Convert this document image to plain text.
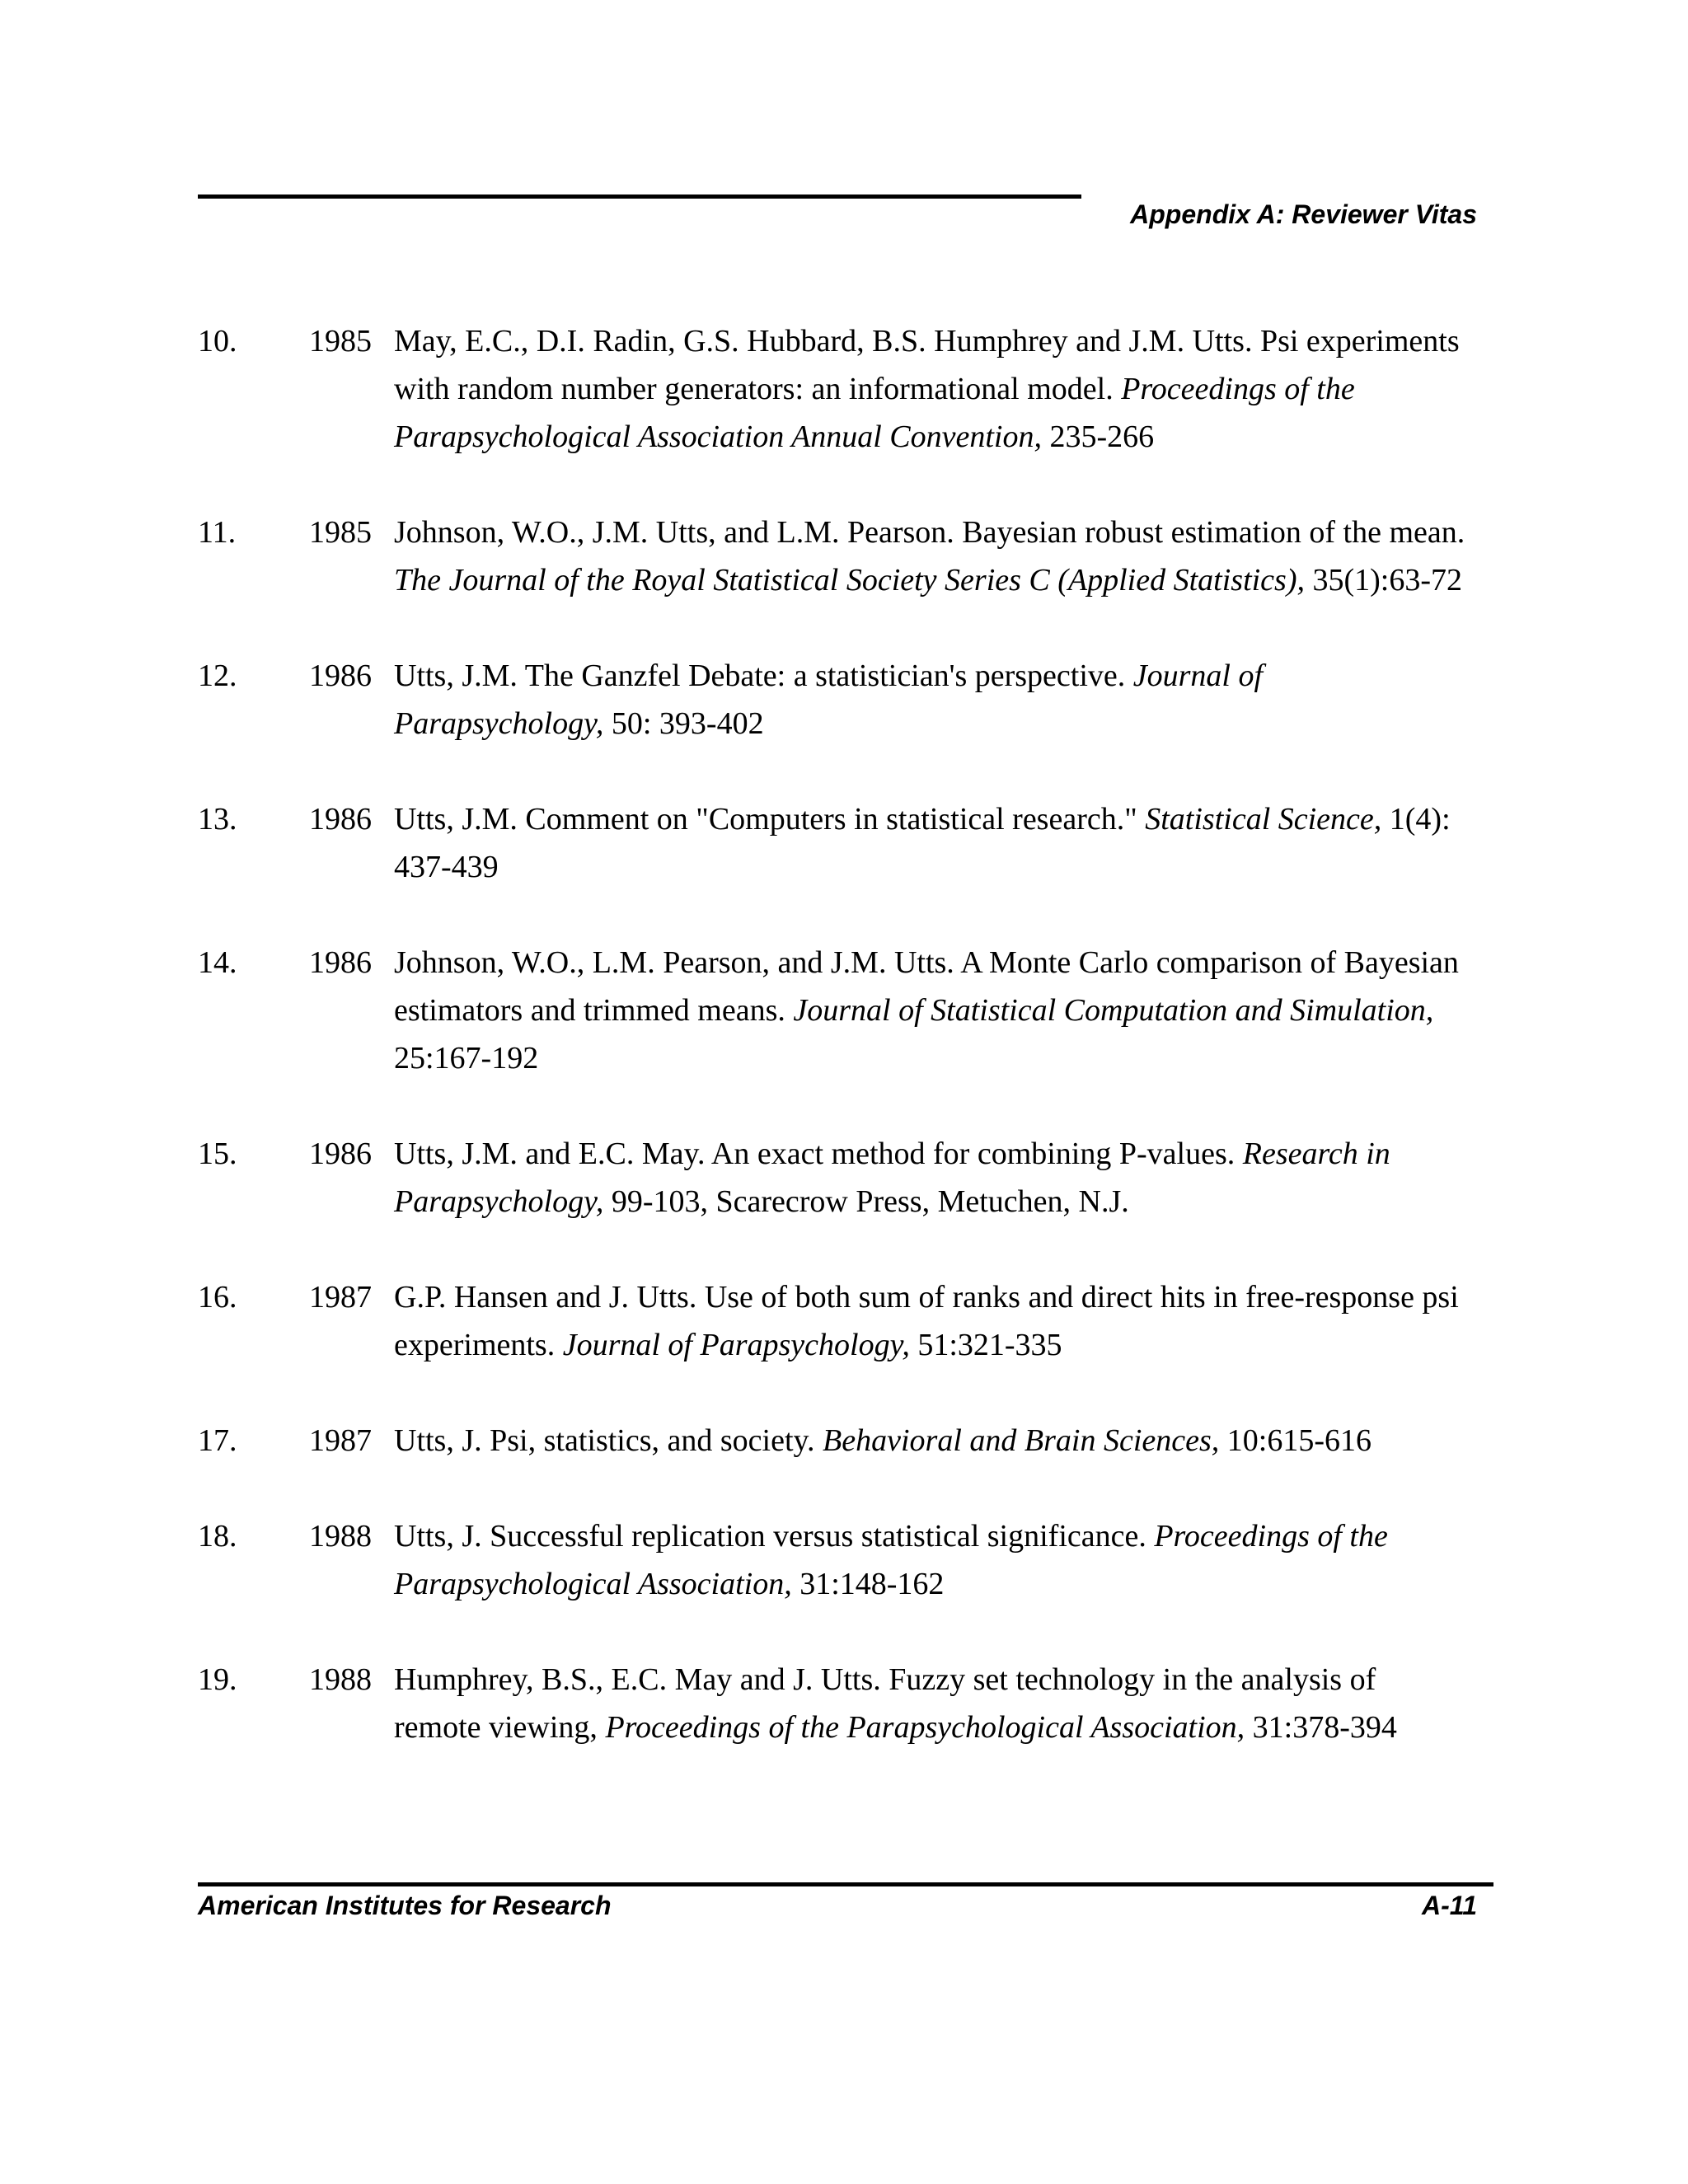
Appendix A: Reviewer Vitas
10. 1985 May, E.C., D.I. Radin, G.S. Hubbard, B.S. Humphrey and J.M. Utts. Psi experiments with random number generators: an informational model. Proceedings of the Parapsychological Association Annual Convention, 235-266
11. 1985 Johnson, W.O., J.M. Utts, and L.M. Pearson. Bayesian robust estimation of the mean. The Journal of the Royal Statistical Society Series C (Applied Statistics), 35(1):63-72
12. 1986 Utts, J.M. The Ganzfel Debate: a statistician's perspective. Journal of Parapsychology, 50: 393-402
13. 1986 Utts, J.M. Comment on "Computers in statistical research." Statistical Science, 1(4): 437-439
14. 1986 Johnson, W.O., L.M. Pearson, and J.M. Utts. A Monte Carlo comparison of Bayesian estimators and trimmed means. Journal of Statistical Computation and Simulation, 25:167-192
15. 1986 Utts, J.M. and E.C. May. An exact method for combining P-values. Research in Parapsychology, 99-103, Scarecrow Press, Metuchen, N.J.
16. 1987 G.P. Hansen and J. Utts. Use of both sum of ranks and direct hits in free-response psi experiments. Journal of Parapsychology, 51:321-335
17. 1987 Utts, J. Psi, statistics, and society. Behavioral and Brain Sciences, 10:615-616
18. 1988 Utts, J. Successful replication versus statistical significance. Proceedings of the Parapsychological Association, 31:148-162
19. 1988 Humphrey, B.S., E.C. May and J. Utts. Fuzzy set technology in the analysis of remote viewing, Proceedings of the Parapsychological Association, 31:378-394
American Institutes for Research	A-11
